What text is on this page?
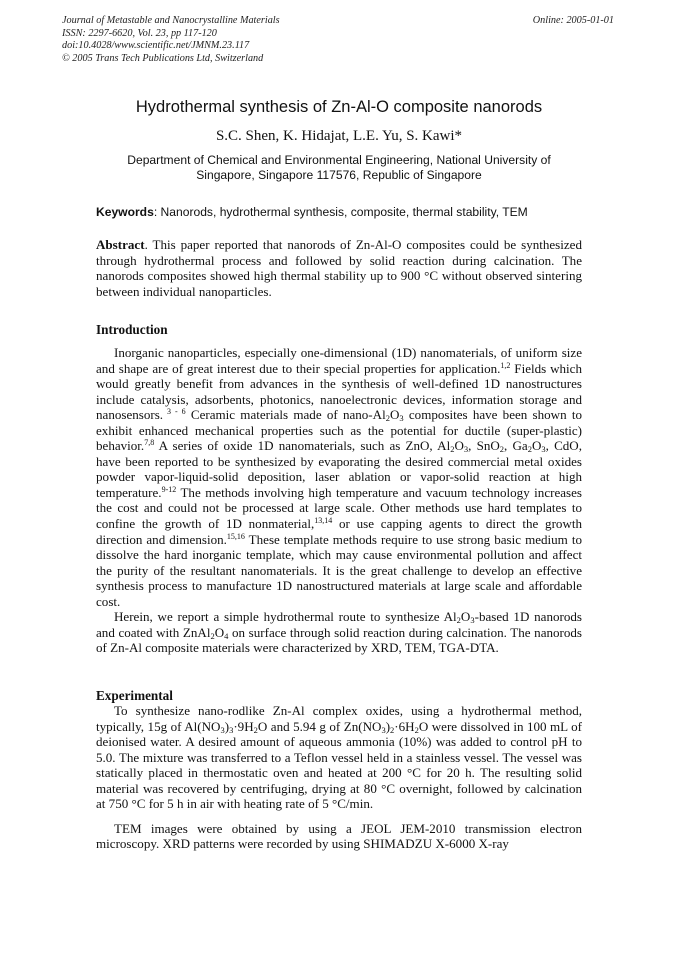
Journal of Metastable and Nanocrystalline Materials
ISSN: 2297-6620, Vol. 23, pp 117-120
doi:10.4028/www.scientific.net/JMNM.23.117
© 2005 Trans Tech Publications Ltd, Switzerland
Online: 2005-01-01
Hydrothermal synthesis of Zn-Al-O composite nanorods
S.C. Shen, K. Hidajat, L.E. Yu, S. Kawi*
Department of Chemical and Environmental Engineering, National University of
Singapore, Singapore 117576, Republic of Singapore
Keywords: Nanorods, hydrothermal synthesis, composite, thermal stability, TEM

Abstract. This paper reported that nanorods of Zn-Al-O composites could be synthesized through hydrothermal process and followed by solid reaction during calcination. The nanorods composites showed high thermal stability up to 900 °C without observed sintering between individual nanoparticles.

Introduction

Inorganic nanoparticles, especially one-dimensional (1D) nanomaterials, of uniform size and shape are of great interest due to their special properties for application.$^{1,2}$ Fields which would greatly benefit from advances in the synthesis of well-defined 1D nanostructures include catalysis, adsorbents, photonics, nanoelectronic devices, information storage and nanosensors. $^{3 - 6}$ Ceramic materials made of nano-$Al_2O_3$ composites have been shown to exhibit enhanced mechanical properties such as the potential for ductile (super-plastic) behavior.$^{7,8}$ A series of oxide 1D nanomaterials, such as ZnO, $Al_2O_3$, SnO$_2$, $Ga_2O_3$, CdO, have been reported to be synthesized by evaporating the desired commercial metal oxides powder vapor-liquid-solid deposition, laser ablation or vapor-solid reaction at high temperature.$^{9-12}$ The methods involving high temperature and vacuum technology increases the cost and could not be processed at large scale. Other methods use hard templates to confine the growth of 1D nonmaterial,$^{13,14}$ or use capping agents to direct the growth direction and dimension.$^{15,16}$ These template methods require to use strong basic medium to dissolve the hard inorganic template, which may cause environmental pollution and affect the purity of the resultant nanomaterials. It is the great challenge to develop an effective synthesis process to manufacture 1D nanostructured materials at large scale and affordable cost.

Herein, we report a simple hydrothermal route to synthesize $Al_2O_3$-based 1D nanorods and coated with $ZnAl_2O_4$ on surface through solid reaction during calcination. The nanorods of Zn-Al composite materials were characterized by XRD, TEM, TGA-DTA.

Experimental

To synthesize nano-rodlike Zn-Al complex oxides, using a hydrothermal method, typically, 15g of $Al(NO_3)_3\cdot 9H_2O$ and 5.94 g of $Zn(NO_3)_2\cdot 6H_2O$ were dissolved in 100 mL of deionised water. A desired amount of aqueous ammonia (10%) was added to control pH to 5.0. The mixture was transferred to a Teflon vessel held in a stainless vessel. The vessel was statically placed in thermostatic oven and heated at 200 °C for 20 h. The resulting solid material was recovered by centrifuging, drying at 80 °C overnight, followed by calcination at 750 °C for 5 h in air with heating rate of 5 °C/min.

TEM images were obtained by using a JEOL JEM-2010 transmission electron microscopy. XRD patterns were recorded by using SHIMADZU X-6000 X-ray
